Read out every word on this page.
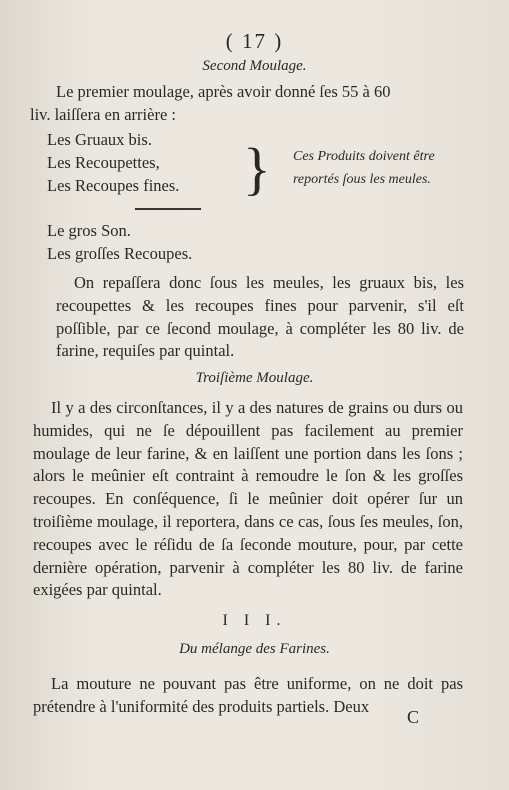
( 17 )
Second Moulage.
Le premier moulage, après avoir donné ſes 55 à 60
liv. laiſſera en arrière :
Les Gruaux bis.
Les Recoupettes,
Les Recoupes fines. } Ces Produits doivent être
reportés ſous les meules.
Le gros Son.
Les groſſes Recoupes.
On repaſſera donc ſous les meules, les gruaux bis, les recoupettes & les recoupes fines pour parvenir, s'il eſt poſſible, par ce ſecond moulage, à compléter les 80 liv. de farine, requiſes par quintal.
Troiſième Moulage.
Il y a des circonſtances, il y a des natures de grains ou durs ou humides, qui ne ſe dépouillent pas facilement au premier moulage de leur farine, & en laiſſent une portion dans les ſons ; alors le meûnier eſt contraint à remoudre le ſon & les groſſes recoupes. En conſéquence, ſi le meûnier doit opérer ſur un troiſième moulage, il reportera, dans ce cas, ſous ſes meules, ſon, recoupes avec le réſidu de ſa ſeconde mouture, pour, par cette dernière opération, parvenir à compléter les 80 liv. de farine exigées par quintal.
I I I.
Du mélange des Farines.
La mouture ne pouvant pas être uniforme, on ne doit pas prétendre à l'uniformité des produits partiels. Deux
C
